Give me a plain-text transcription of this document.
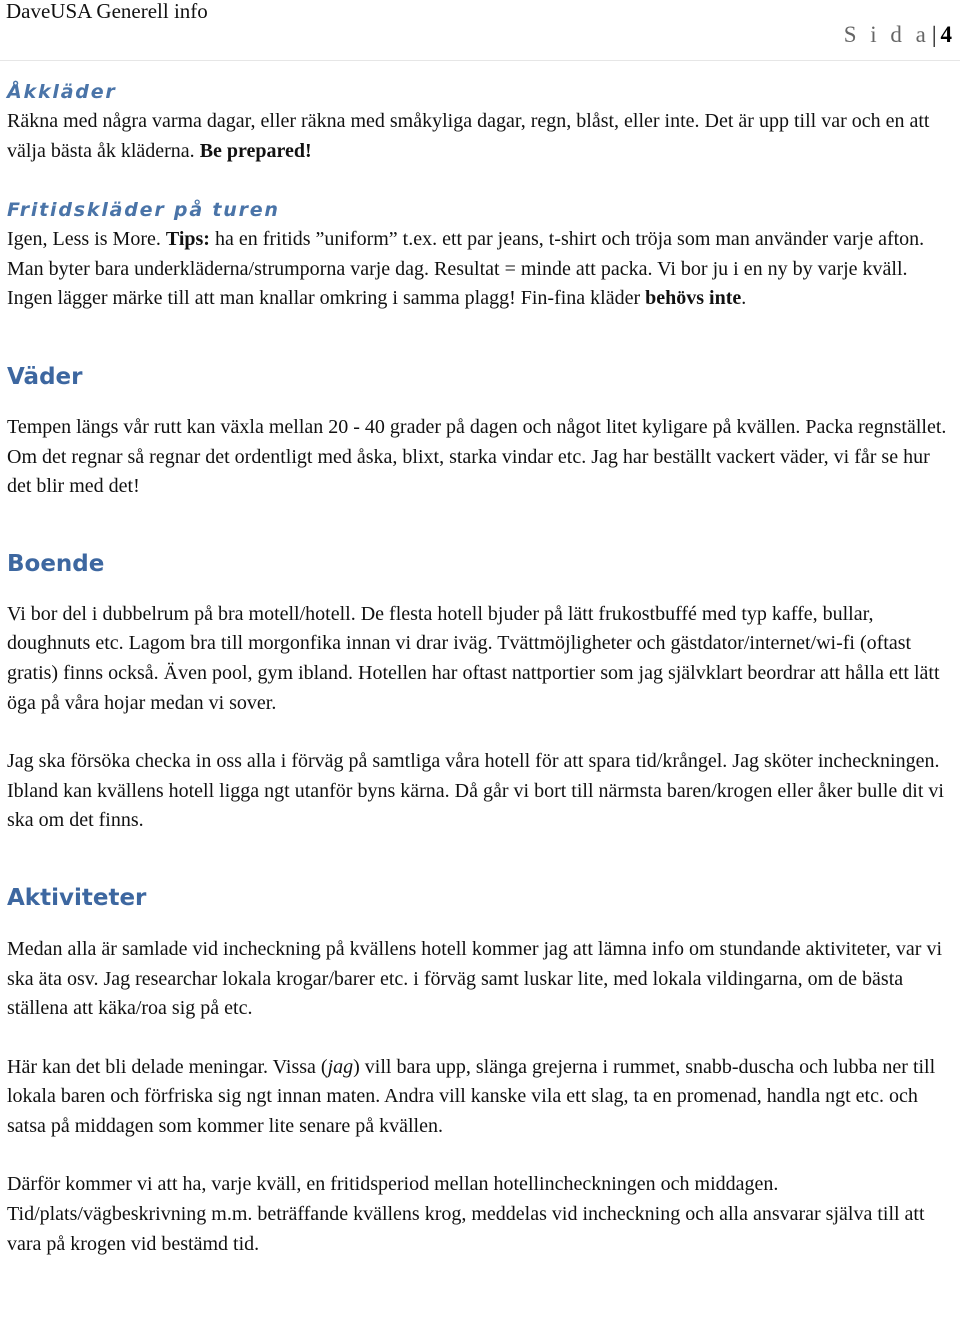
DaveUSA Generell info
S i d a| 4
Åkkläder

Räkna med några varma dagar, eller räkna med småkyliga dagar, regn, blåst, eller inte. Det är upp till var och en att välja bästa åk kläderna. Be prepared!

Fritidskläder på turen

Igen, Less is More. Tips: ha en fritids ”uniform” t.ex. ett par jeans, t-shirt och tröja som man använder varje afton. Man byter bara underkläderna/strumporna varje dag. Resultat = minde att packa. Vi bor ju i en ny by varje kväll. Ingen lägger märke till att man knallar omkring i samma plagg! Fin-fina kläder behövs inte.

Väder

Tempen längs vår rutt kan växla mellan 20 - 40 grader på dagen och något litet kyligare på kvällen. Packa regnstället. Om det regnar så regnar det ordentligt med åska, blixt, starka vindar etc. Jag har beställt vackert väder, vi får se hur det blir med det!

Boende

Vi bor del i dubbelrum på bra motell/hotell. De flesta hotell bjuder på lätt frukostbuffé med typ kaffe, bullar, doughnuts etc. Lagom bra till morgonfika innan vi drar iväg. Tvättmöjligheter och gästdator/internet/wi-fi (oftast gratis) finns också. Även pool, gym ibland. Hotellen har oftast nattportier som jag självklart beordrar att hålla ett lätt öga på våra hojar medan vi sover.

Jag ska försöka checka in oss alla i förväg på samtliga våra hotell för att spara tid/krångel. Jag sköter incheckningen. Ibland kan kvällens hotell ligga ngt utanför byns kärna. Då går vi bort till närmsta baren/krogen eller åker bulle dit vi ska om det finns.

Aktiviteter

Medan alla är samlade vid incheckning på kvällens hotell kommer jag att lämna info om stundande aktiviteter, var vi ska äta osv. Jag researchar lokala krogar/barer etc. i förväg samt luskar lite, med lokala vildingarna, om de bästa ställena att käka/roa sig på etc.

Här kan det bli delade meningar. Vissa (jag) vill bara upp, slänga grejerna i rummet, snabb-duscha och lubba ner till lokala baren och förfriska sig ngt innan maten. Andra vill kanske vila ett slag, ta en promenad, handla ngt etc. och satsa på middagen som kommer lite senare på kvällen.

Därför kommer vi att ha, varje kväll, en fritidsperiod mellan hotellincheckningen och middagen. Tid/plats/vägbeskrivning m.m. beträffande kvällens krog, meddelas vid incheckning och alla ansvarar själva till att vara på krogen vid bestämd tid.
